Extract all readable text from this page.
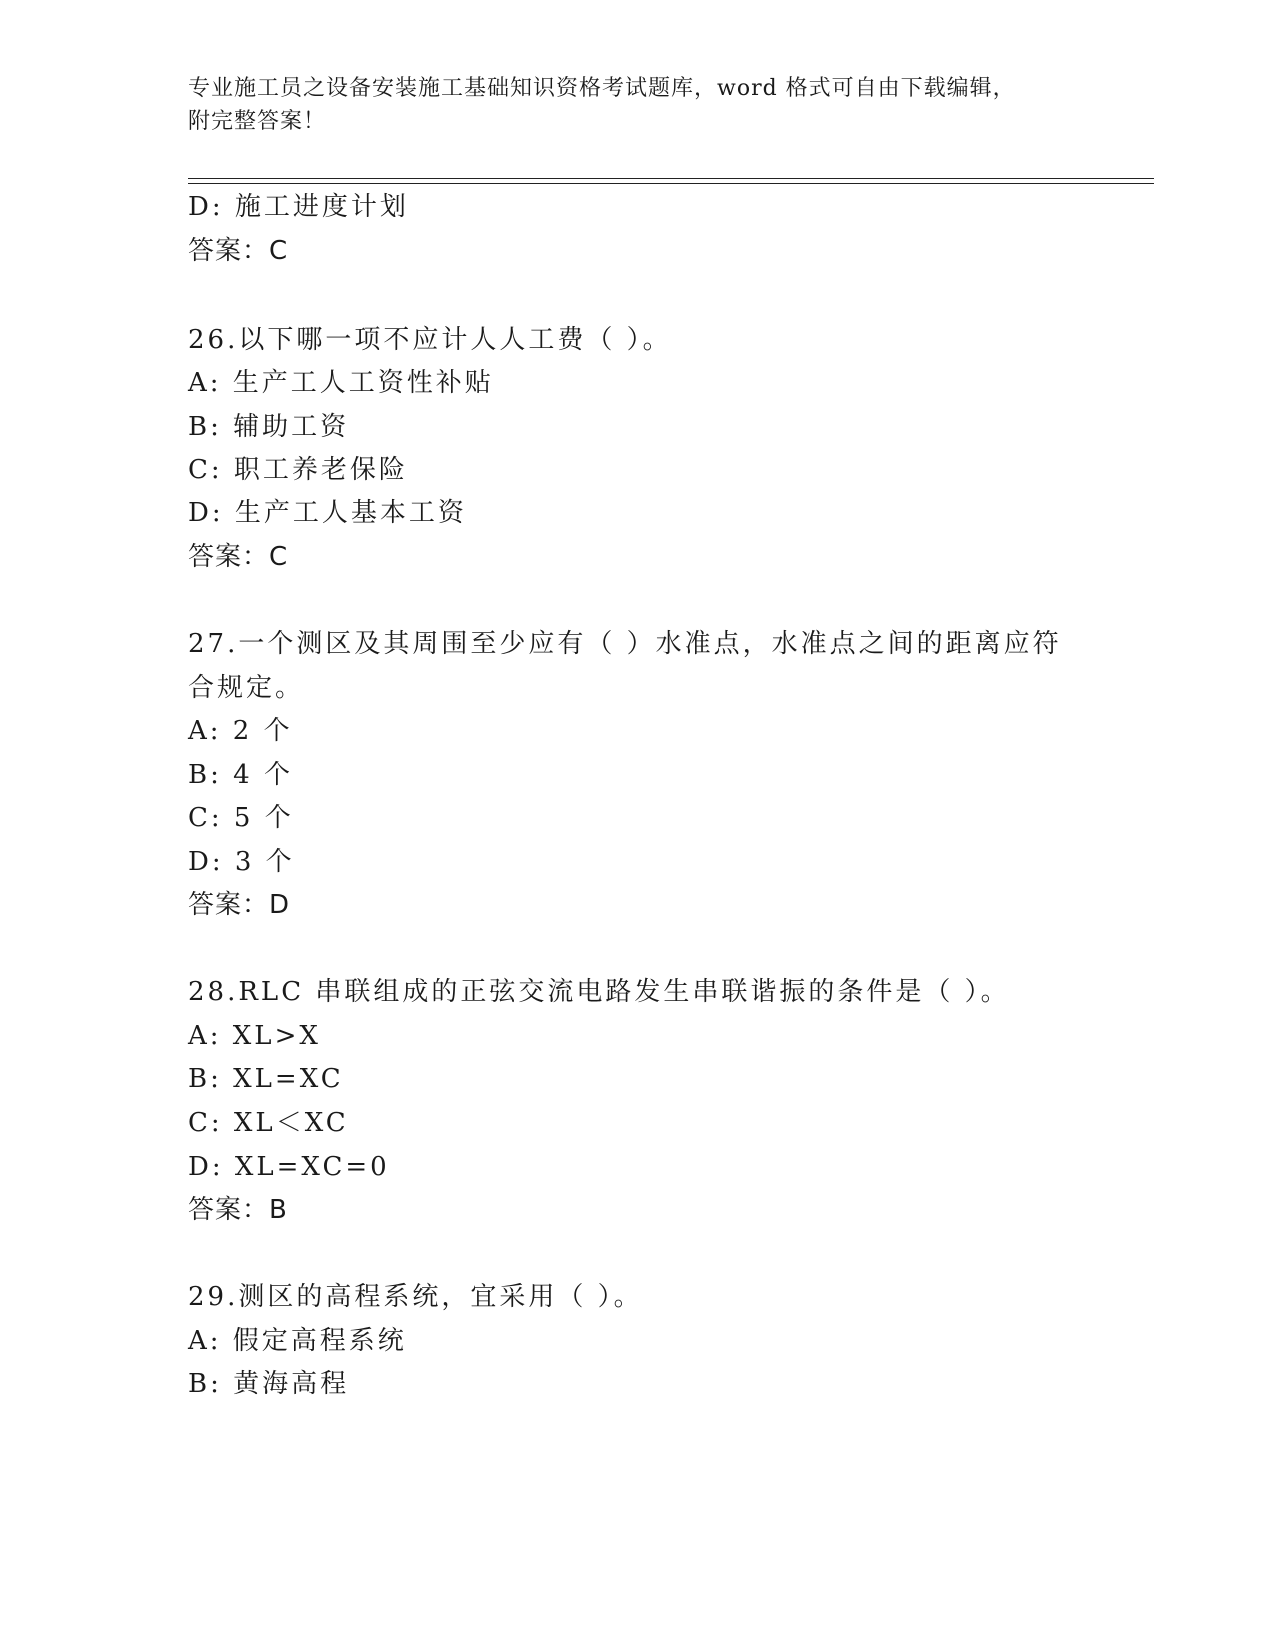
专业施工员之设备安装施工基础知识资格考试题库，word 格式可自由下载编辑，
附完整答案！
D: 施工进度计划
答案：C
26.以下哪一项不应计人人工费（ ）。
A: 生产工人工资性补贴
B: 辅助工资
C: 职工养老保险
D: 生产工人基本工资
答案：C
27.一个测区及其周围至少应有（ ）水准点，水准点之间的距离应符
合规定。
A: 2 个
B: 4 个
C: 5 个
D: 3 个
答案：D
28.RLC 串联组成的正弦交流电路发生串联谐振的条件是（ ）。
A: XL>X
B: XL=XC
C: XL＜XC
D: XL=XC=0
答案：B
29.测区的高程系统，宜采用（ ）。
A: 假定高程系统
B: 黄海高程
